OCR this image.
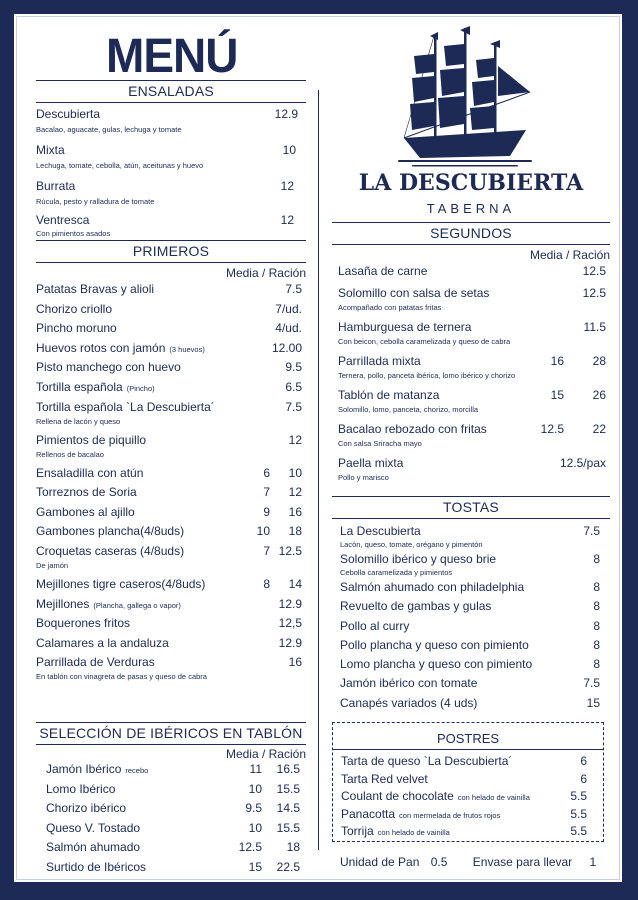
MENÚ
LA DESCUBIERTA
TABERNA
ENSALADAS
Descubierta	12.9
Bacalao, aguacate, gulas, lechuga y tomate
Mixta	10
Lechuga, tomate, cebolla, atún, aceitunas y huevo
Burrata	12
Rúcula, pesto y ralladura de tomate
Ventresca	12
Con pimientos asados
PRIMEROS
Media / Ración
Patatas Bravas y alioli	7.5
Chorizo criollo	7/ud.
Pincho moruno	4/ud.
Huevos rotos con jamón (3 huevos)	12.00
Pisto manchego con huevo	9.5
Tortilla española (Pincho)	6.5
Tortilla española `La Descubierta´	7.5
Rellena de lacón y queso
Pimientos de piquillo	12
Rellenos de bacalao
Ensaladilla con atún	6 10
Torreznos de Soria	7 12
Gambones al ajillo	9 16
Gambones plancha(4/8uds)	10 18
Croquetas caseras (4/8uds)	7 12.5
De jamón
Mejillones tigre caseros(4/8uds)	8 14
Mejillones (Plancha, gallega o vapor)	12.9
Boquerones fritos	12,5
Calamares a la andaluza	12.9
Parrillada de Verduras	16
En tablón con vinagreta de pasas y queso de cabra
SELECCIÓN DE IBÉRICOS EN TABLÓN
Media / Ración
Jamón Ibérico recebo	11 16.5
Lomo Ibérico	10 15.5
Chorizo ibérico	9.5 14.5
Queso V. Tostado	10 15.5
Salmón ahumado	12.5 18
Surtido de Ibéricos	15 22.5
SEGUNDOS
Media / Ración
Lasaña de carne	12.5
Solomillo con salsa de setas	12.5
Acompañado con patatas fritas
Hamburguesa de ternera	11.5
Con beicon, cebolla caramelizada y queso de cabra
Parrillada mixta	16 28
Ternera, pollo, panceta ibérica, lomo ibérico y chorizo
Tablón de matanza	15 26
Solomillo, lomo, panceta, chorizo, morcilla
Bacalao rebozado con fritas	12.5 22
Con salsa Sriracha mayo
Paella mixta	12.5/pax
Pollo y marisco
TOSTAS
La Descubierta	7.5
Lacón, queso, tomate, orégano y pimentón
Solomillo ibérico y queso brie	8
Cebolla caramelizada y pimientos
Salmón ahumado con philadelphia	8
Revuelto de gambas y gulas	8
Pollo al curry	8
Pollo plancha y queso con pimiento	8
Lomo plancha y queso con pimiento	8
Jamón ibérico con tomate	7.5
Canapés variados (4 uds)	15
POSTRES
Tarta de queso `La Descubierta´	6
Tarta Red velvet	6
Coulant de chocolate con helado de vainilla	5.5
Panacotta con mermelada de frutos rojos	5.5
Torrija con helado de vainilla	5.5
Unidad de Pan 0.5 Envase para llevar 1
